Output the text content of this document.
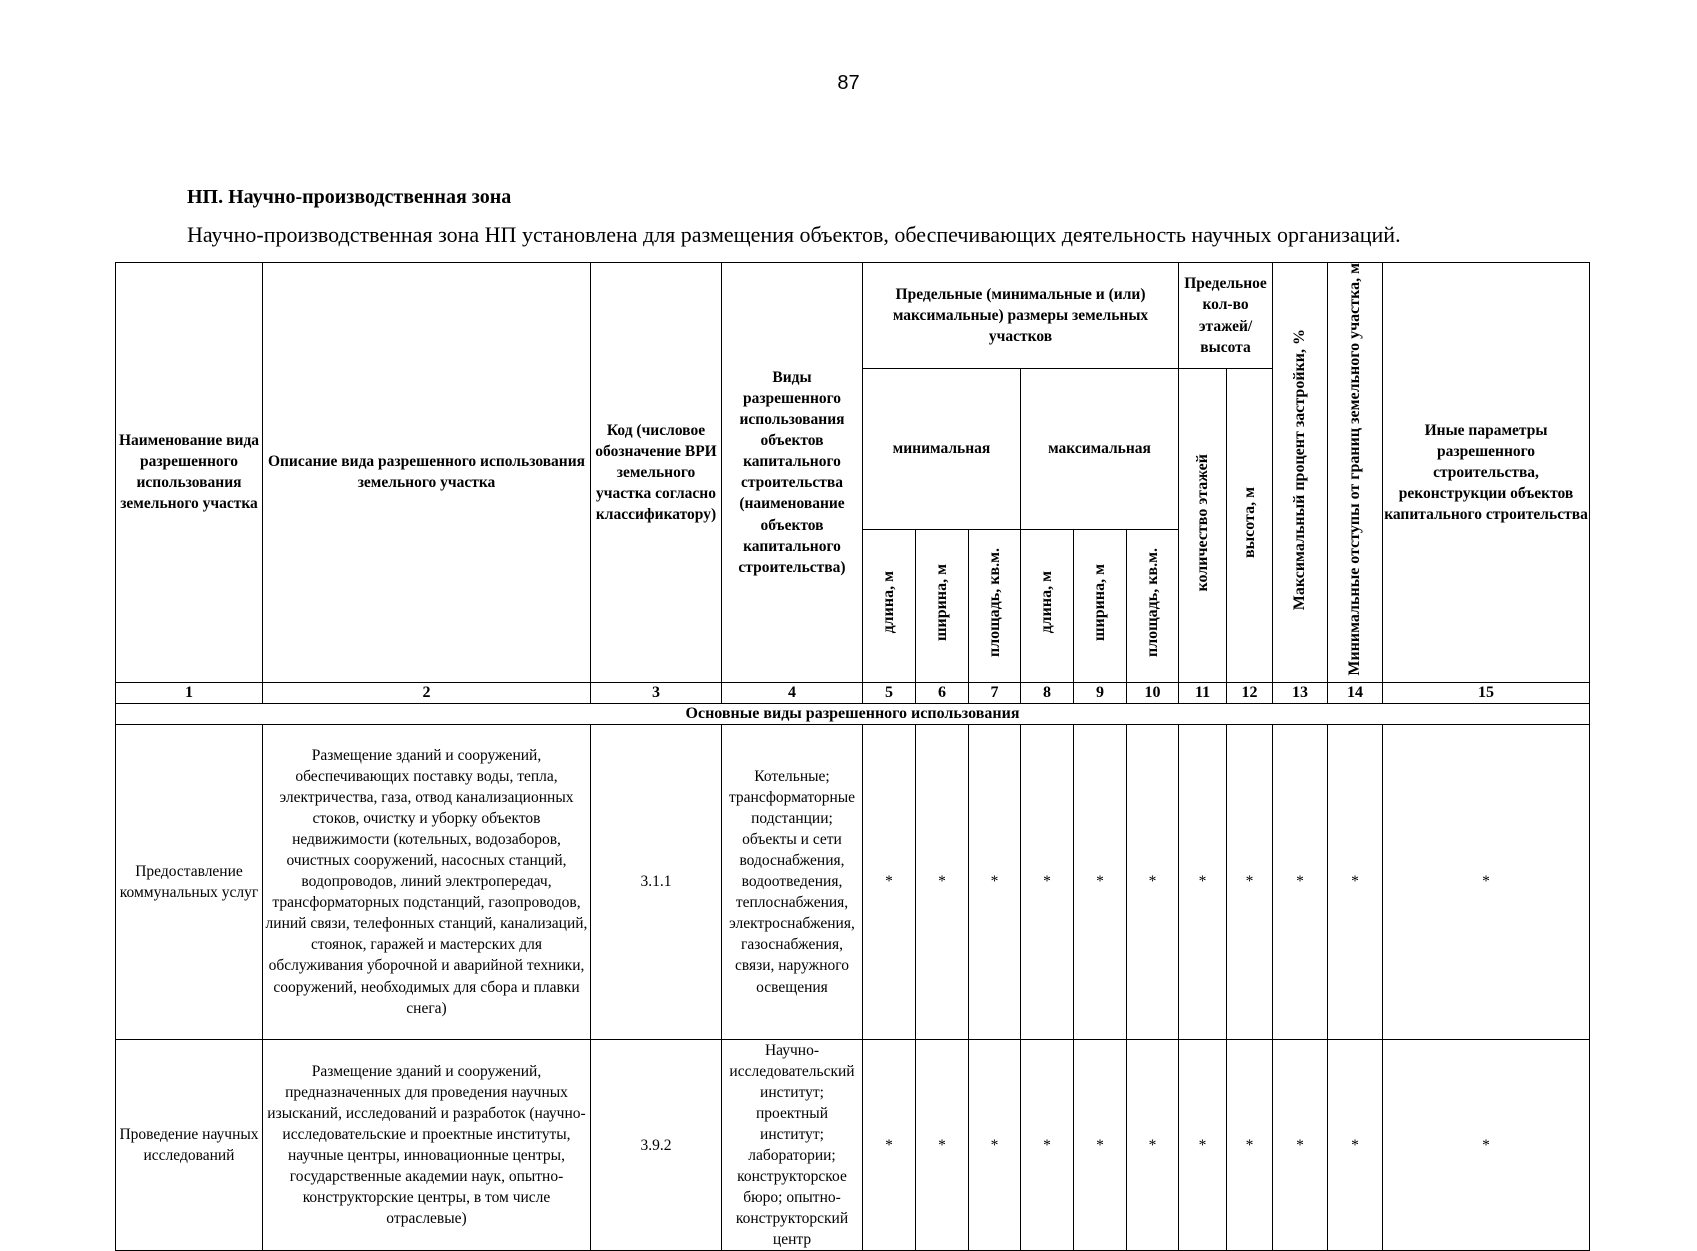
87
НП. Научно-производственная зона
Научно-производственная зона НП установлена для размещения объектов, обеспечивающих деятельность научных организаций.
Наименование вида разрешенного использования земельного участка	Описание вида разрешенного использования земельного участка	Код (числовое обозначение ВРИ земельного участка согласно классификатору)	Виды разрешенного использования объектов капитального строительства (наименование объектов капитального строительства)	Предельные (минимальные и (или) максимальные) размеры земельных участков						Предельное кол-во этажей/ высота		Максимальный процент застройки, %	Минимальные отступы от границ земельного участка, м	Иные параметры разрешенного строительства, реконструкции объектов капитального строительства
				минимальная			максимальная			количество этажей	высота, м			
				длина, м	ширина, м	площадь, кв.м.	длина, м	ширина, м	площадь, кв.м.					
1	2	3	4	5	6	7	8	9	10	11	12	13	14	15
Основные виды разрешенного использования														
Предоставление коммунальных услуг	Размещение зданий и сооружений, обеспечивающих поставку воды, тепла, электричества, газа, отвод канализационных стоков, очистку и уборку объектов недвижимости (котельных, водозаборов, очистных сооружений, насосных станций, водопроводов, линий электропередач, трансформаторных подстанций, газопроводов, линий связи, телефонных станций, канализаций, стоянок, гаражей и мастерских для обслуживания уборочной и аварийной техники, сооружений, необходимых для сбора и плавки снега)	3.1.1	Котельные; трансформаторные подстанции; объекты и сети водоснабжения, водоотведения, теплоснабжения, электроснабжения, газоснабжения, связи, наружного освещения	*	*	*	*	*	*	*	*	*	*	*
Проведение научных исследований	Размещение зданий и сооружений, предназначенных для проведения научных изысканий, исследований и разработок (научно-исследовательские и проектные институты, научные центры, инновационные центры, государственные академии наук, опытно-конструкторские центры, в том числе отраслевые)	3.9.2	Научно-исследовательский институт; проектный институт; лаборатории; конструкторское бюро; опытно-конструкторский центр	*	*	*	*	*	*	*	*	*	*	*
